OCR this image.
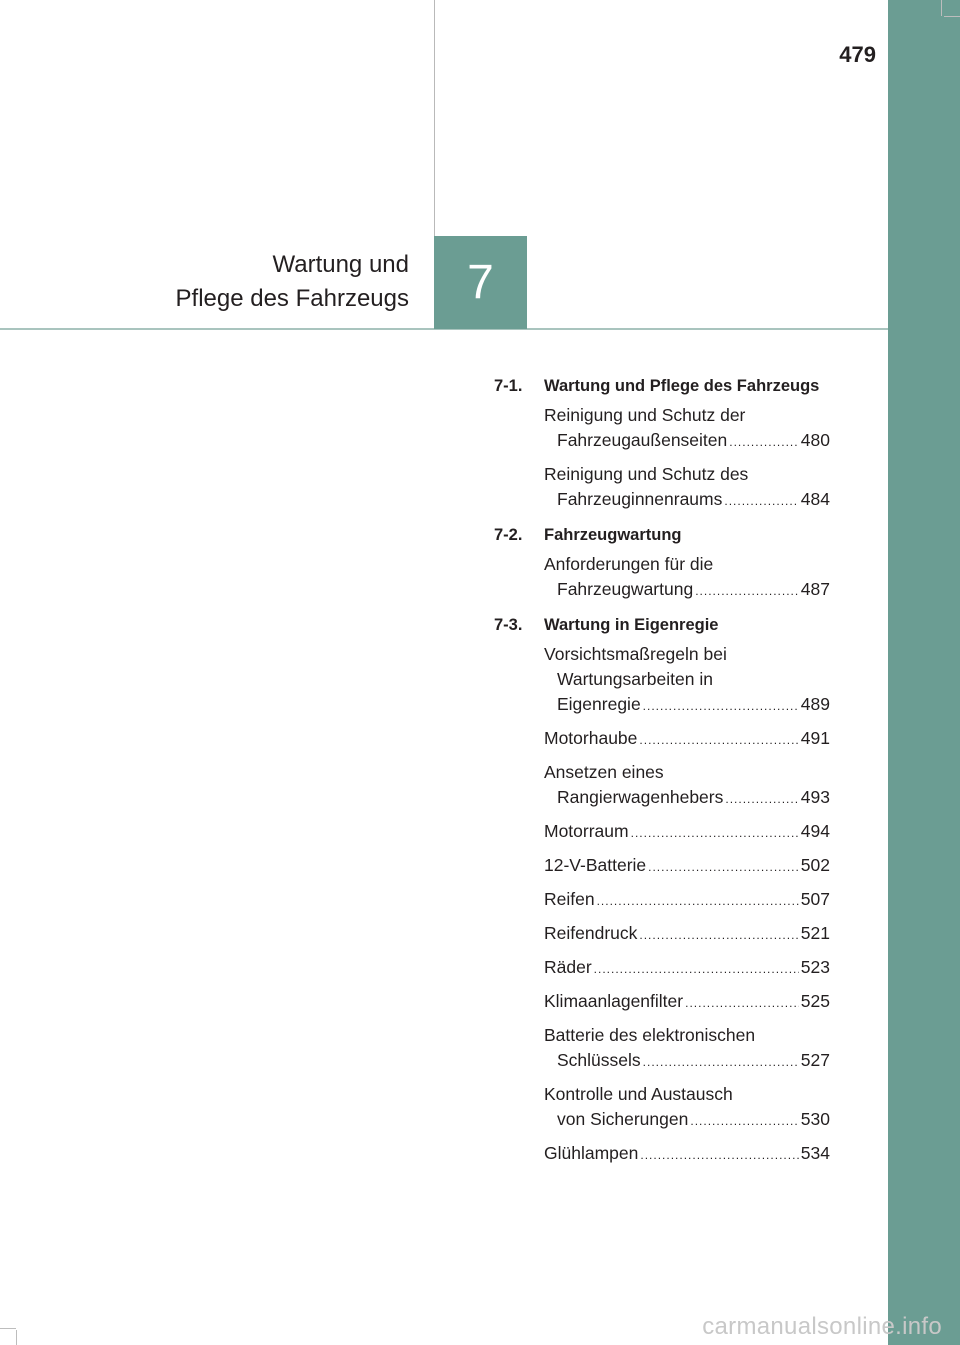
479
Wartung und
Pflege des Fahrzeugs	7
7-1.	Wartung und Pflege des Fahrzeugs
Reinigung und Schutz der
Fahrzeugaußenseiten .....	480
Reinigung und Schutz des
Fahrzeuginnenraums .....	484
7-2.	Fahrzeugwartung
Anforderungen für die
Fahrzeugwartung .....	487
7-3.	Wartung in Eigenregie
Vorsichtsmaßregeln bei
Wartungsarbeiten in
Eigenregie .....	489
Motorhaube .....	491
Ansetzen eines
Rangierwagenhebers .....	493
Motorraum .....	494
12-V-Batterie .....	502
Reifen .....	507
Reifendruck .....	521
Räder .....	523
Klimaanlagenfilter .....	525
Batterie des elektronischen
Schlüssels .....	527
Kontrolle und Austausch
von Sicherungen .....	530
Glühlampen .....	534
carmanualsonline.info
